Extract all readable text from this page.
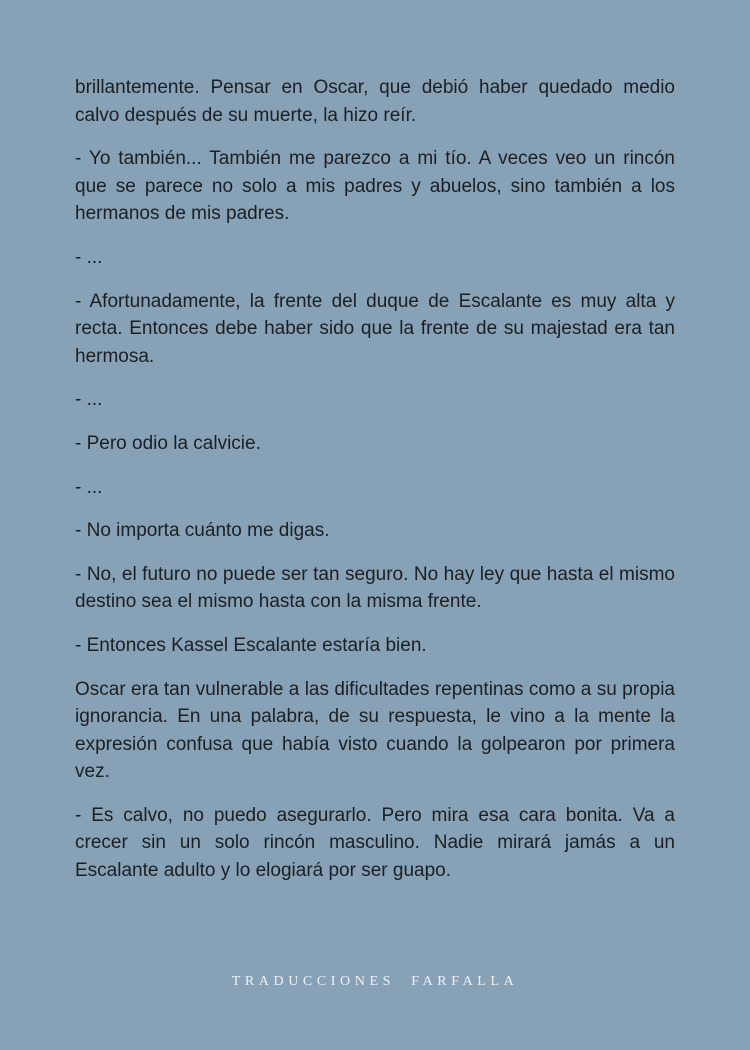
brillantemente. Pensar en Oscar, que debió haber quedado medio calvo después de su muerte, la hizo reír.

- Yo también... También me parezco a mi tío. A veces veo un rincón que se parece no solo a mis padres y abuelos, sino también a los hermanos de mis padres.

- ...

- Afortunadamente, la frente del duque de Escalante es muy alta y recta. Entonces debe haber sido que la frente de su majestad era tan hermosa.

- ...

- Pero odio la calvicie.

- ...

- No importa cuánto me digas.

- No, el futuro no puede ser tan seguro. No hay ley que hasta el mismo destino sea el mismo hasta con la misma frente.

- Entonces Kassel Escalante estaría bien.

Oscar era tan vulnerable a las dificultades repentinas como a su propia ignorancia. En una palabra, de su respuesta, le vino a la mente la expresión confusa que había visto cuando la golpearon por primera vez.

- Es calvo, no puedo asegurarlo. Pero mira esa cara bonita. Va a crecer sin un solo rincón masculino. Nadie mirará jamás a un Escalante adulto y lo elogiará por ser guapo.

TRADUCCIONES  FARFALLA
